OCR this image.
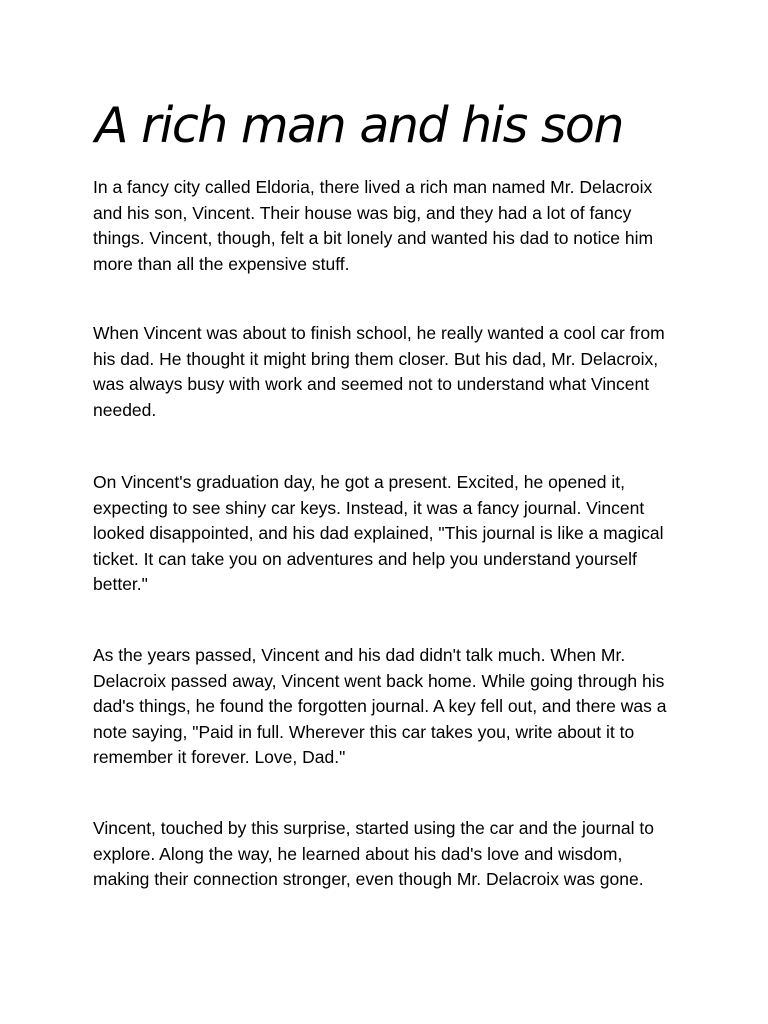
A rich man and his son

In a fancy city called Eldoria, there lived a rich man named Mr. Delacroix and his son, Vincent. Their house was big, and they had a lot of fancy things. Vincent, though, felt a bit lonely and wanted his dad to notice him more than all the expensive stuff.

When Vincent was about to finish school, he really wanted a cool car from his dad. He thought it might bring them closer. But his dad, Mr. Delacroix, was always busy with work and seemed not to understand what Vincent needed.

On Vincent's graduation day, he got a present. Excited, he opened it, expecting to see shiny car keys. Instead, it was a fancy journal. Vincent looked disappointed, and his dad explained, "This journal is like a magical ticket. It can take you on adventures and help you understand yourself better."

As the years passed, Vincent and his dad didn't talk much. When Mr. Delacroix passed away, Vincent went back home. While going through his dad's things, he found the forgotten journal. A key fell out, and there was a note saying, "Paid in full. Wherever this car takes you, write about it to remember it forever. Love, Dad."

Vincent, touched by this surprise, started using the car and the journal to explore. Along the way, he learned about his dad's love and wisdom, making their connection stronger, even though Mr. Delacroix was gone.
